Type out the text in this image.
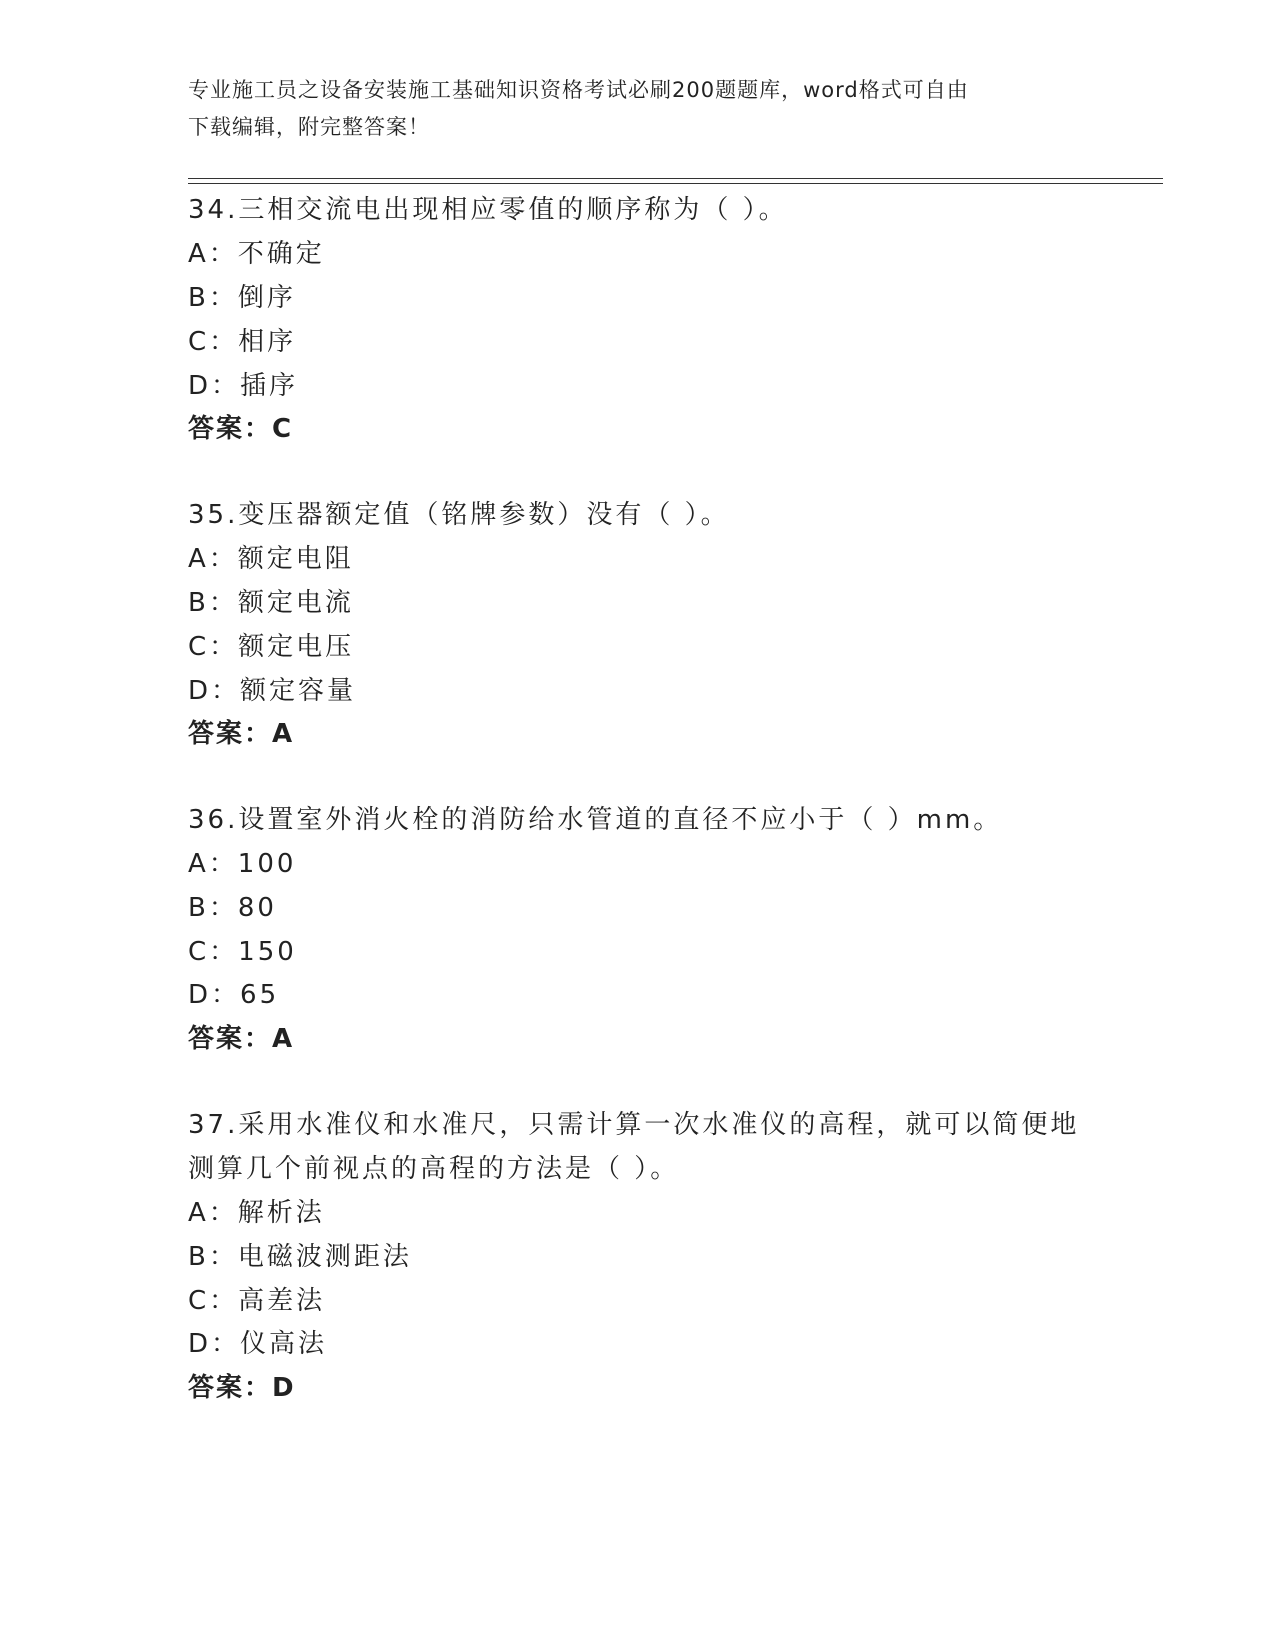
专业施工员之设备安装施工基础知识资格考试必刷200题题库，word格式可自由
下载编辑，附完整答案！
34.三相交流电出现相应零值的顺序称为（ ）。
A：不确定
B：倒序
C：相序
D：插序
答案：C
35.变压器额定值（铭牌参数）没有（ ）。
A：额定电阻
B：额定电流
C：额定电压
D：额定容量
答案：A
36.设置室外消火栓的消防给水管道的直径不应小于（ ）mm。
A：100
B：80
C：150
D：65
答案：A
37.采用水准仪和水准尺，只需计算一次水准仪的高程，就可以简便地
测算几个前视点的高程的方法是（ ）。
A：解析法
B：电磁波测距法
C：高差法
D：仪高法
答案：D
